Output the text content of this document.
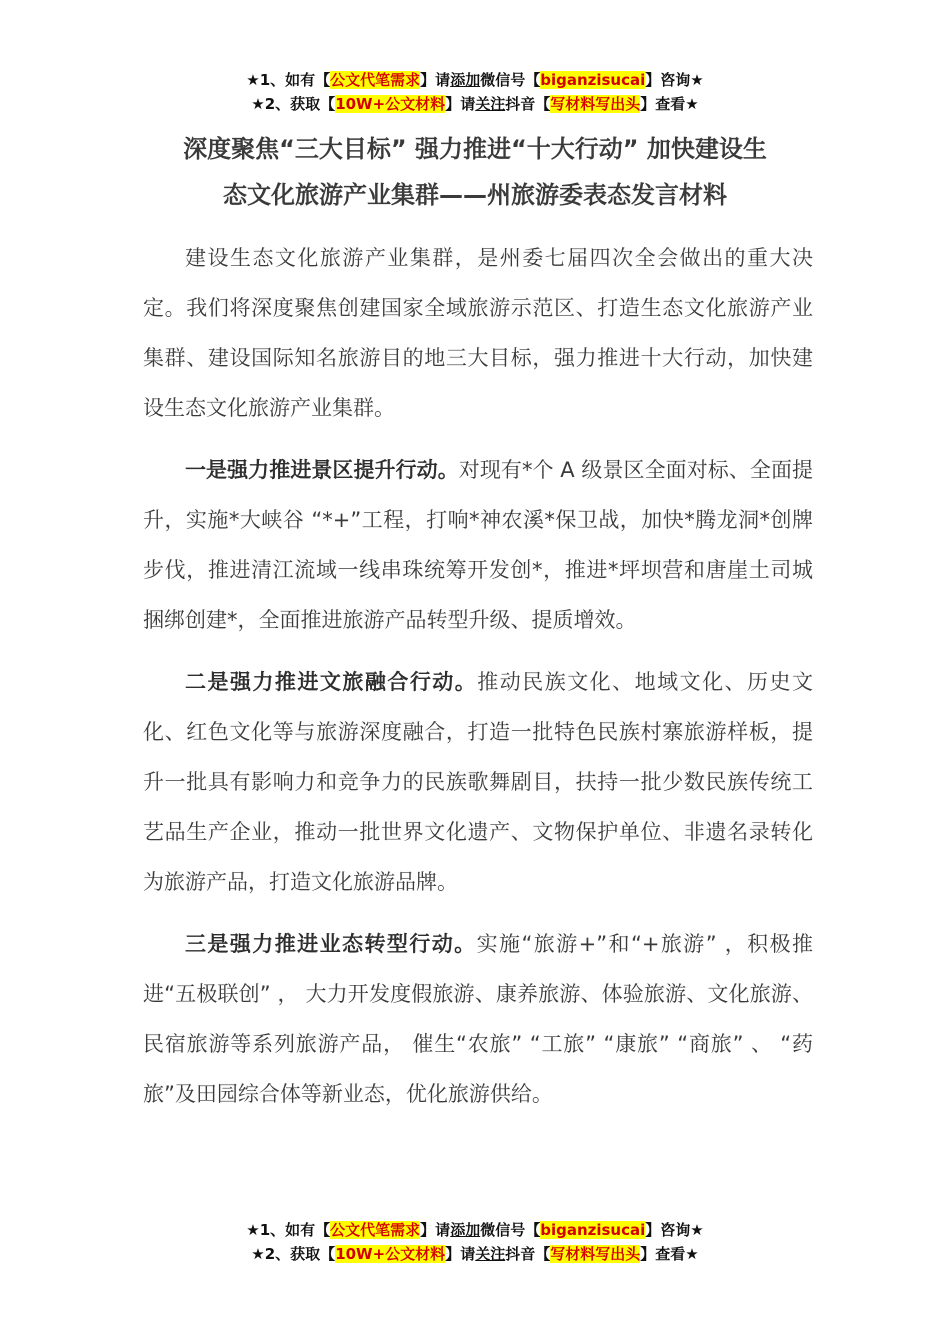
★1、如有【公文代笔需求】请添加微信号【biganzisucai】咨询★
★2、获取【10W+公文材料】请关注抖音【写材料写出头】查看★
深度聚焦“三大目标” 强力推进“十大行动” 加快建设生
态文化旅游产业集群——州旅游委表态发言材料

建设生态文化旅游产业集群，是州委七届四次全会做出的重大决定。我们将深度聚焦创建国家全域旅游示范区、打造生态文化旅游产业集群、建设国际知名旅游目的地三大目标，强力推进十大行动，加快建设生态文化旅游产业集群。

一是强力推进景区提升行动。对现有*个 A 级景区全面对标、全面提升，实施*大峡谷 “*+”工程，打响*神农溪*保卫战，加快*腾龙洞*创牌步伐，推进清江流域一线串珠统筹开发创*，推进*坪坝营和唐崖土司城捆绑创建*，全面推进旅游产品转型升级、提质增效。

二是强力推进文旅融合行动。推动民族文化、地域文化、历史文化、红色文化等与旅游深度融合，打造一批特色民族村寨旅游样板，提升一批具有影响力和竞争力的民族歌舞剧目，扶持一批少数民族传统工艺品生产企业，推动一批世界文化遗产、文物保护单位、非遗名录转化为旅游产品，打造文化旅游品牌。

三是强力推进业态转型行动。实施“旅游+”和“+旅游” ，积极推进“五极联创” ， 大力开发度假旅游、康养旅游、体验旅游、文化旅游、民宿旅游等系列旅游产品， 催生“农旅” “工旅” “康旅” “商旅” 、 “药旅”及田园综合体等新业态，优化旅游供给。

★1、如有【公文代笔需求】请添加微信号【biganzisucai】咨询★
★2、获取【10W+公文材料】请关注抖音【写材料写出头】查看★
